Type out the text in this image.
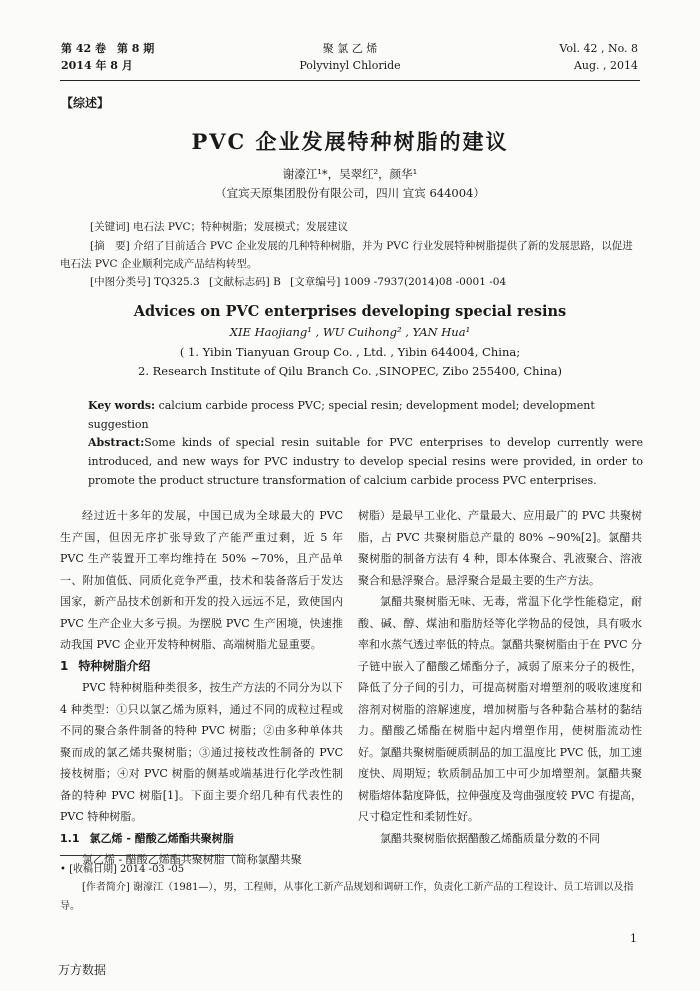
第 42 卷　第 8 期
2014 年 8 月
聚 氯 乙 烯
Polyvinyl Chloride
Vol. 42 , No. 8
Aug. , 2014
【综述】
PVC 企业发展特种树脂的建议
谢濠江¹*，吴翠红²，颜华¹
（宜宾天原集团股份有限公司，四川 宜宾 644004）
[关键词] 电石法 PVC；特种树脂；发展模式；发展建议
[摘　要] 介绍了目前适合 PVC 企业发展的几种特种树脂，并为 PVC 行业发展特种树脂提供了新的发展思路，以促进电石法 PVC 企业顺利完成产品结构转型。
[中图分类号] TQ325.3 [文献标志码] B [文章编号] 1009 -7937(2014)08 -0001 -04
Advices on PVC enterprises developing special resins
XIE Haojiang¹ , WU Cuihong² , YAN Hua¹
( 1. Yibin Tianyuan Group Co. , Ltd. , Yibin 644004, China;
2. Research Institute of Qilu Branch Co. ,SINOPEC, Zibo 255400, China)
Key words: calcium carbide process PVC; special resin; development model; development suggestion
Abstract:Some kinds of special resin suitable for PVC enterprises to develop currently were introduced, and new ways for PVC industry to develop special resins were provided, in order to promote the product structure transformation of calcium carbide process PVC enterprises.

经过近十多年的发展，中国已成为全球最大的 PVC 生产国，但因无序扩张导致了产能严重过剩，近 5 年 PVC 生产装置开工率均维持在 50% ~70%，且产品单一、附加值低、同质化竞争严重，技术和装备落后于发达国家，新产品技术创新和开发的投入远远不足，致使国内 PVC 生产企业大多亏损。为摆脱 PVC 生产困境，快速推动我国 PVC 企业开发特种树脂、高端树脂尤显重要。

1 特种树脂介绍

PVC 特种树脂种类很多，按生产方法的不同分为以下 4 种类型：①只以氯乙烯为原料，通过不同的成粒过程或不同的聚合条件制备的特种 PVC 树脂；②由多种单体共聚而成的氯乙烯共聚树脂；③通过接枝改性制备的 PVC 接枝树脂；④对 PVC 树脂的侧基或端基进行化学改性制备的特种 PVC 树脂[1]。下面主要介绍几种有代表性的 PVC 特种树脂。

1.1 氯乙烯 - 醋酸乙烯酯共聚树脂

氯乙烯 - 醋酸乙烯酯共聚树脂（简称氯醋共聚

树脂）是最早工业化、产量最大、应用最广的 PVC 共聚树脂，占 PVC 共聚树脂总产量的 80% ~90%[2]。氯醋共聚树脂的制备方法有 4 种，即本体聚合、乳液聚合、溶液聚合和悬浮聚合。悬浮聚合是最主要的生产方法。

氯醋共聚树脂无味、无毒，常温下化学性能稳定，耐酸、碱、醇、煤油和脂肪烃等化学物品的侵蚀，具有吸水率和水蒸气透过率低的特点。氯醋共聚树脂由于在 PVC 分子链中嵌入了醋酸乙烯酯分子，减弱了原来分子的极性，降低了分子间的引力，可提高树脂对增塑剂的吸收速度和溶剂对树脂的溶解速度，增加树脂与各种黏合基材的黏结力。醋酸乙烯酯在树脂中起内增塑作用，使树脂流动性好。氯醋共聚树脂硬质制品的加工温度比 PVC 低，加工速度快、周期短；软质制品加工中可少加增塑剂。氯醋共聚树脂熔体黏度降低，拉伸强度及弯曲强度较 PVC 有提高，尺寸稳定性和柔韧性好。

氯醋共聚树脂依据醋酸乙烯酯质量分数的不同

• [收稿日期] 2014 -03 -05
[作者简介] 谢濠江（1981—），男，工程师，从事化工新产品规划和调研工作，负责化工新产品的工程设计、员工培训以及指导。
1
万方数据
